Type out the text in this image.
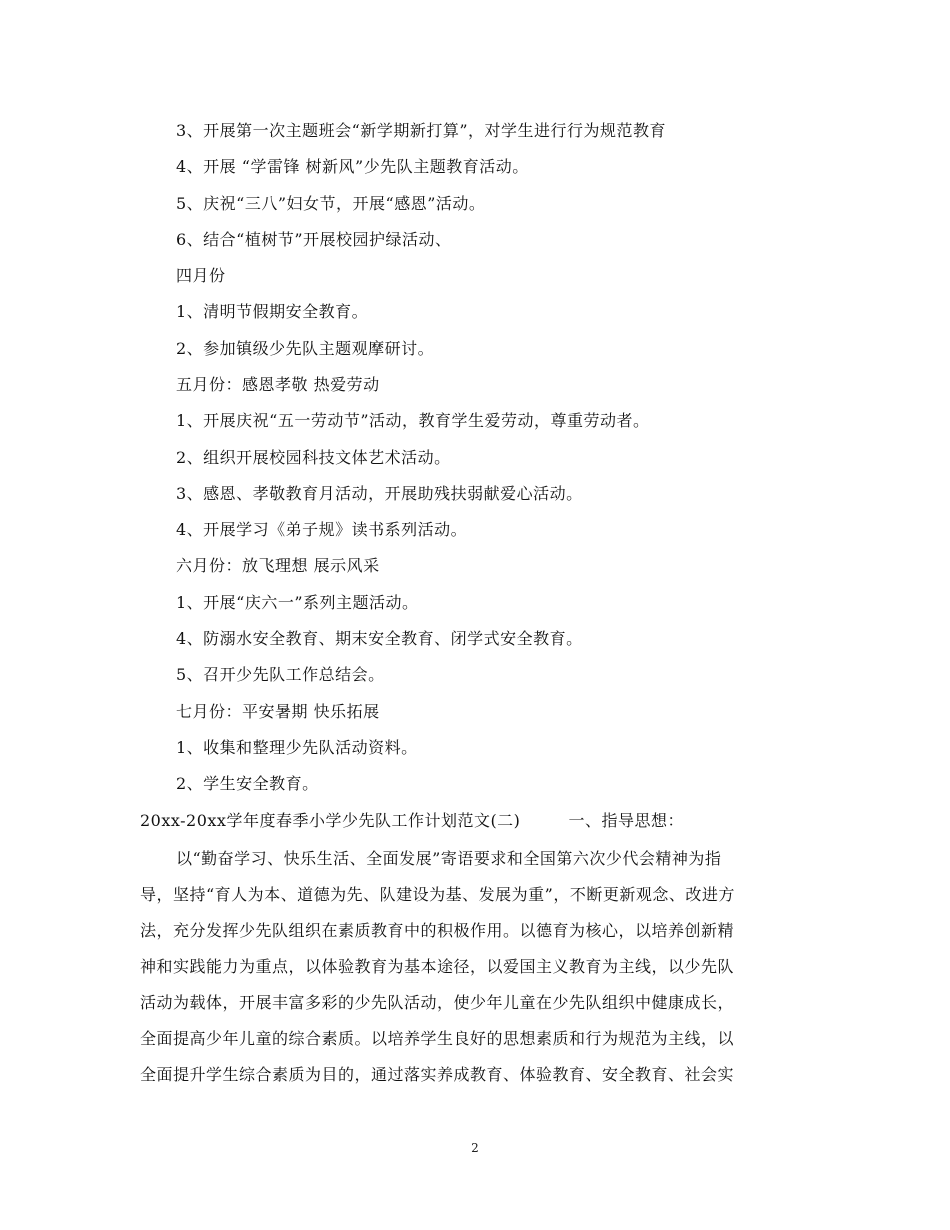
3、开展第一次主题班会“新学期新打算”，对学生进行行为规范教育
4、开展 “学雷锋 树新风”少先队主题教育活动。
5、庆祝“三八”妇女节，开展“感恩”活动。
6、结合“植树节”开展校园护绿活动、
四月份
1、清明节假期安全教育。
2、参加镇级少先队主题观摩研讨。
五月份：感恩孝敬 热爱劳动
1、开展庆祝“五一劳动节”活动，教育学生爱劳动，尊重劳动者。
2、组织开展校园科技文体艺术活动。
3、感恩、孝敬教育月活动，开展助残扶弱献爱心活动。
4、开展学习《弟子规》读书系列活动。
六月份：放飞理想 展示风采
1、开展“庆六一”系列主题活动。
4、防溺水安全教育、期末安全教育、闭学式安全教育。
5、召开少先队工作总结会。
七月份：平安暑期 快乐拓展
1、收集和整理少先队活动资料。
2、学生安全教育。
20xx-20xx学年度春季小学少先队工作计划范文(二)	一、指导思想：
以“勤奋学习、快乐生活、全面发展”寄语要求和全国第六次少代会精神为指
导，坚持“育人为本、道德为先、队建设为基、发展为重”，不断更新观念、改进方
法，充分发挥少先队组织在素质教育中的积极作用。以德育为核心，以培养创新精
神和实践能力为重点，以体验教育为基本途径，以爱国主义教育为主线，以少先队
活动为载体，开展丰富多彩的少先队活动，使少年儿童在少先队组织中健康成长，
全面提高少年儿童的综合素质。以培养学生良好的思想素质和行为规范为主线，以
全面提升学生综合素质为目的，通过落实养成教育、体验教育、安全教育、社会实
2
